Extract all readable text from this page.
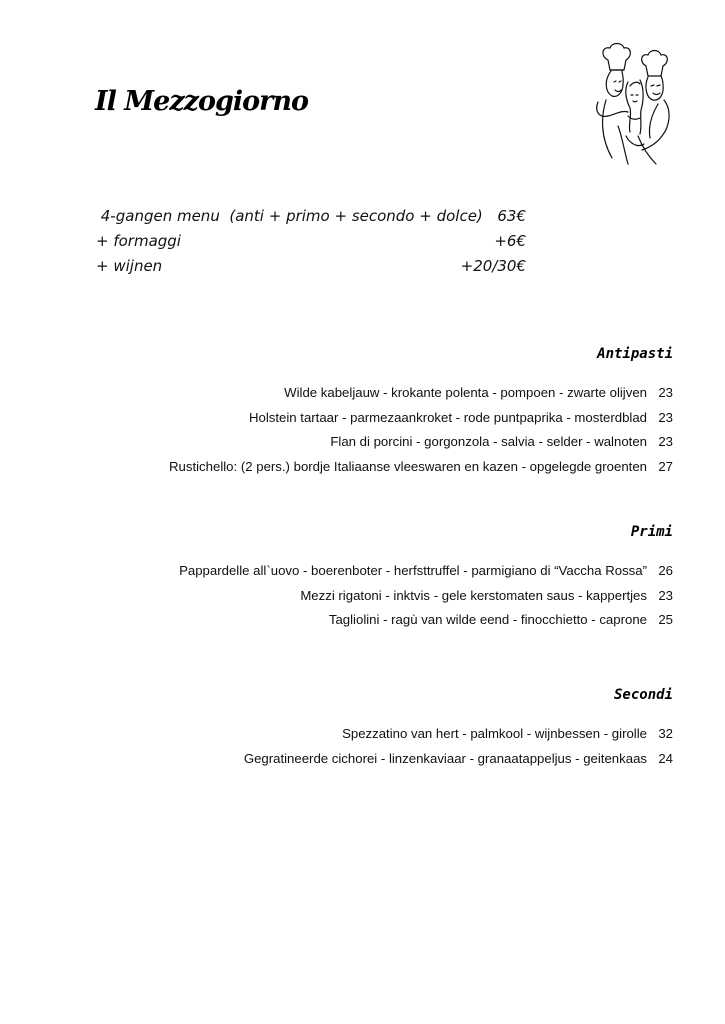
Il Mezzogiorno
4-gangen menu  (anti + primo + secondo + dolce) 63€
+ formaggi	+6€
+ wijnen	+20/30€
Antipasti
Wilde kabeljauw - krokante polenta - pompoen - zwarte olijven 23
Holstein tartaar - parmezaankroket - rode puntpaprika - mosterdblad 23
Flan di porcini - gorgonzola - salvia - selder - walnoten 23
Rustichello: (2 pers.) bordje Italiaanse vleeswaren en kazen - opgelegde groenten 27
Primi
Pappardelle all`uovo - boerenboter - herfsttruffel - parmigiano di “Vaccha Rossa” 26
Mezzi rigatoni - inktvis - gele kerstomaten saus - kappertjes 23
Tagliolini - ragù van wilde eend - finocchietto - caprone 25
Secondi
Spezzatino van hert - palmkool - wijnbessen - girolle 32
Gegratineerde cichorei - linzenkaviaar - granaatappeljus - geitenkaas 24
